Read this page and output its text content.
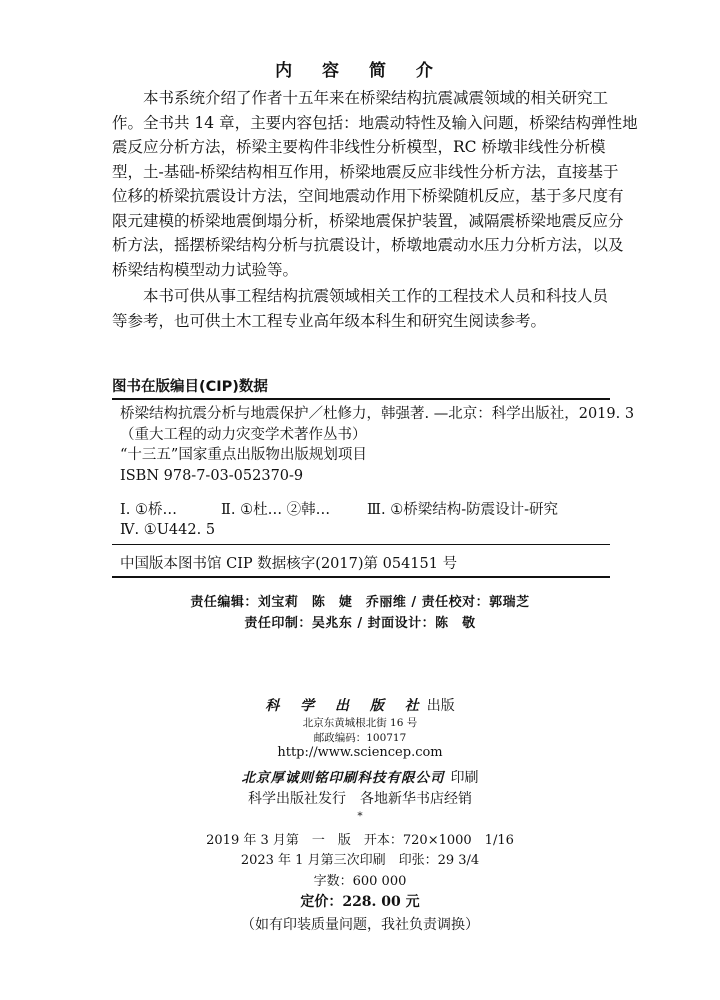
内 容 简 介
本书系统介绍了作者十五年来在桥梁结构抗震减震领域的相关研究工
作。全书共 14 章，主要内容包括：地震动特性及输入问题，桥梁结构弹性地
震反应分析方法，桥梁主要构件非线性分析模型，RC 桥墩非线性分析模
型，土-基础-桥梁结构相互作用，桥梁地震反应非线性分析方法，直接基于
位移的桥梁抗震设计方法，空间地震动作用下桥梁随机反应，基于多尺度有
限元建模的桥梁地震倒塌分析，桥梁地震保护装置，减隔震桥梁地震反应分
析方法，摇摆桥梁结构分析与抗震设计，桥墩地震动水压力分析方法，以及
桥梁结构模型动力试验等。
本书可供从事工程结构抗震领域相关工作的工程技术人员和科技人员
等参考，也可供土木工程专业高年级本科生和研究生阅读参考。
图书在版编目(CIP)数据
桥梁结构抗震分析与地震保护／杜修力，韩强著. —北京：科学出版社，2019. 3
（重大工程的动力灾变学术著作丛书）
“十三五”国家重点出版物出版规划项目
ISBN 978-7-03-052370-9
Ⅰ. ①桥…	Ⅱ. ①杜… ②韩…	Ⅲ. ①桥梁结构-防震设计-研究
Ⅳ. ①U442. 5
中国版本图书馆 CIP 数据核字(2017)第 054151 号
责任编辑：刘宝莉　陈　婕　乔丽维 / 责任校对：郭瑞芝
责任印制：吴兆东 / 封面设计：陈　敬
科 学 出 版 社出版
北京东黄城根北街 16 号
邮政编码：100717
http://www.sciencep.com
北京厚诚则铭印刷科技有限公司 印刷
科学出版社发行　各地新华书店经销
*
2019 年 3 月第　一　版　开本：720×1000　1/16
2023 年 1 月第三次印刷　印张：29 3/4
字数：600 000
定价：228. 00 元
（如有印装质量问题，我社负责调换）
